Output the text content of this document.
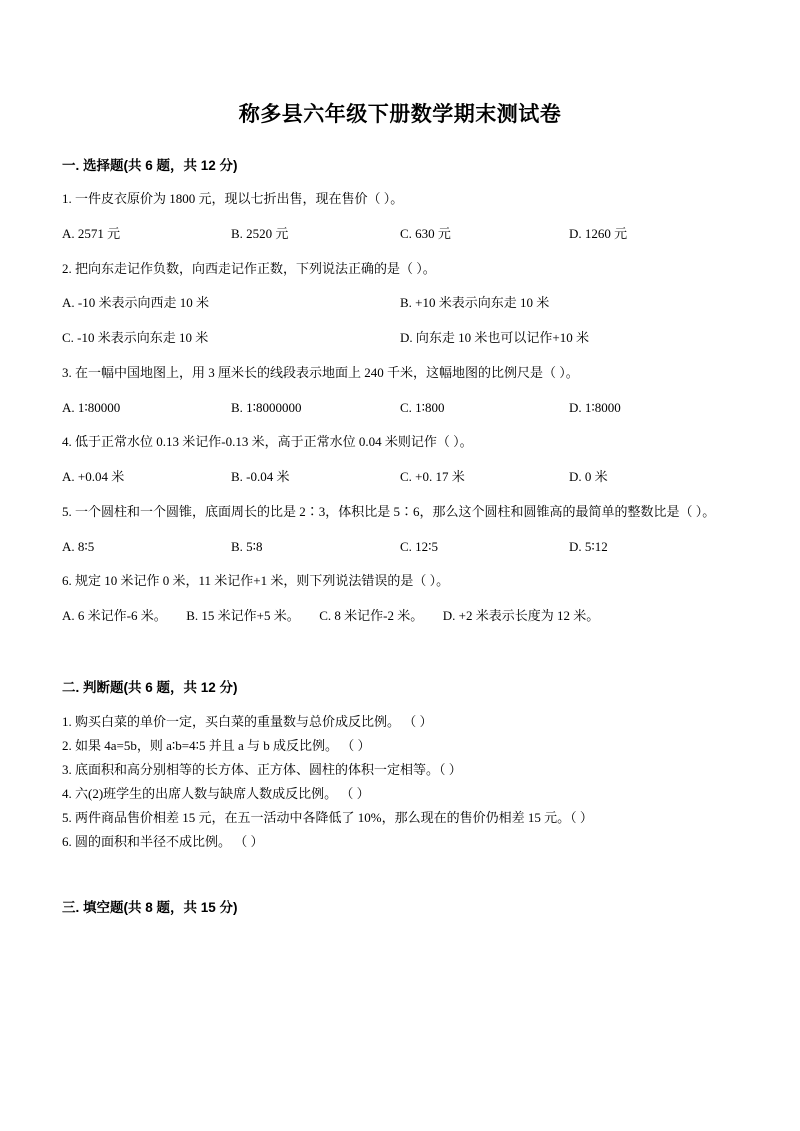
称多县六年级下册数学期末测试卷
一. 选择题(共 6 题，共 12 分)
1. 一件皮衣原价为 1800 元，现以七折出售，现在售价（ ）。
A. 2571 元	B. 2520 元	C. 630 元	D. 1260 元
2. 把向东走记作负数，向西走记作正数，下列说法正确的是（ ）。
A. -10 米表示向西走 10 米	B. +10 米表示向东走 10 米
C. -10 米表示向东走 10 米	D. 向东走 10 米也可以记作+10 米
3. 在一幅中国地图上，用 3 厘米长的线段表示地面上 240 千米，这幅地图的比例尺是（ ）。
A. 1∶80000	B. 1∶8000000	C. 1∶800	D. 1∶8000
4. 低于正常水位 0.13 米记作-0.13 米，高于正常水位 0.04 米则记作（ ）。
A. +0.04 米	B. -0.04 米	C. +0. 17 米	D. 0 米
5. 一个圆柱和一个圆锥，底面周长的比是 2∶3，体积比是 5∶6，那么这个圆柱和圆锥高的最简单的整数比是（ ）。
A. 8∶5	B. 5∶8	C. 12∶5	D. 5∶12
6. 规定 10 米记作 0 米，11 米记作+1 米，则下列说法错误的是（ ）。
A. 6 米记作-6 米。 B. 15 米记作+5 米。 C. 8 米记作-2 米。 D. +2 米表示长度为 12 米。
二. 判断题(共 6 题，共 12 分)
1. 购买白菜的单价一定，买白菜的重量数与总价成反比例。 （ ）
2. 如果 4a=5b，则 a∶b=4∶5 并且 a 与 b 成反比例。 （ ）
3. 底面积和高分别相等的长方体、正方体、圆柱的体积一定相等。（ ）
4. 六(2)班学生的出席人数与缺席人数成反比例。 （ ）
5. 两件商品售价相差 15 元，在五一活动中各降低了 10%，那么现在的售价仍相差 15 元。（ ）
6. 圆的面积和半径不成比例。 （ ）
三. 填空题(共 8 题，共 15 分)
